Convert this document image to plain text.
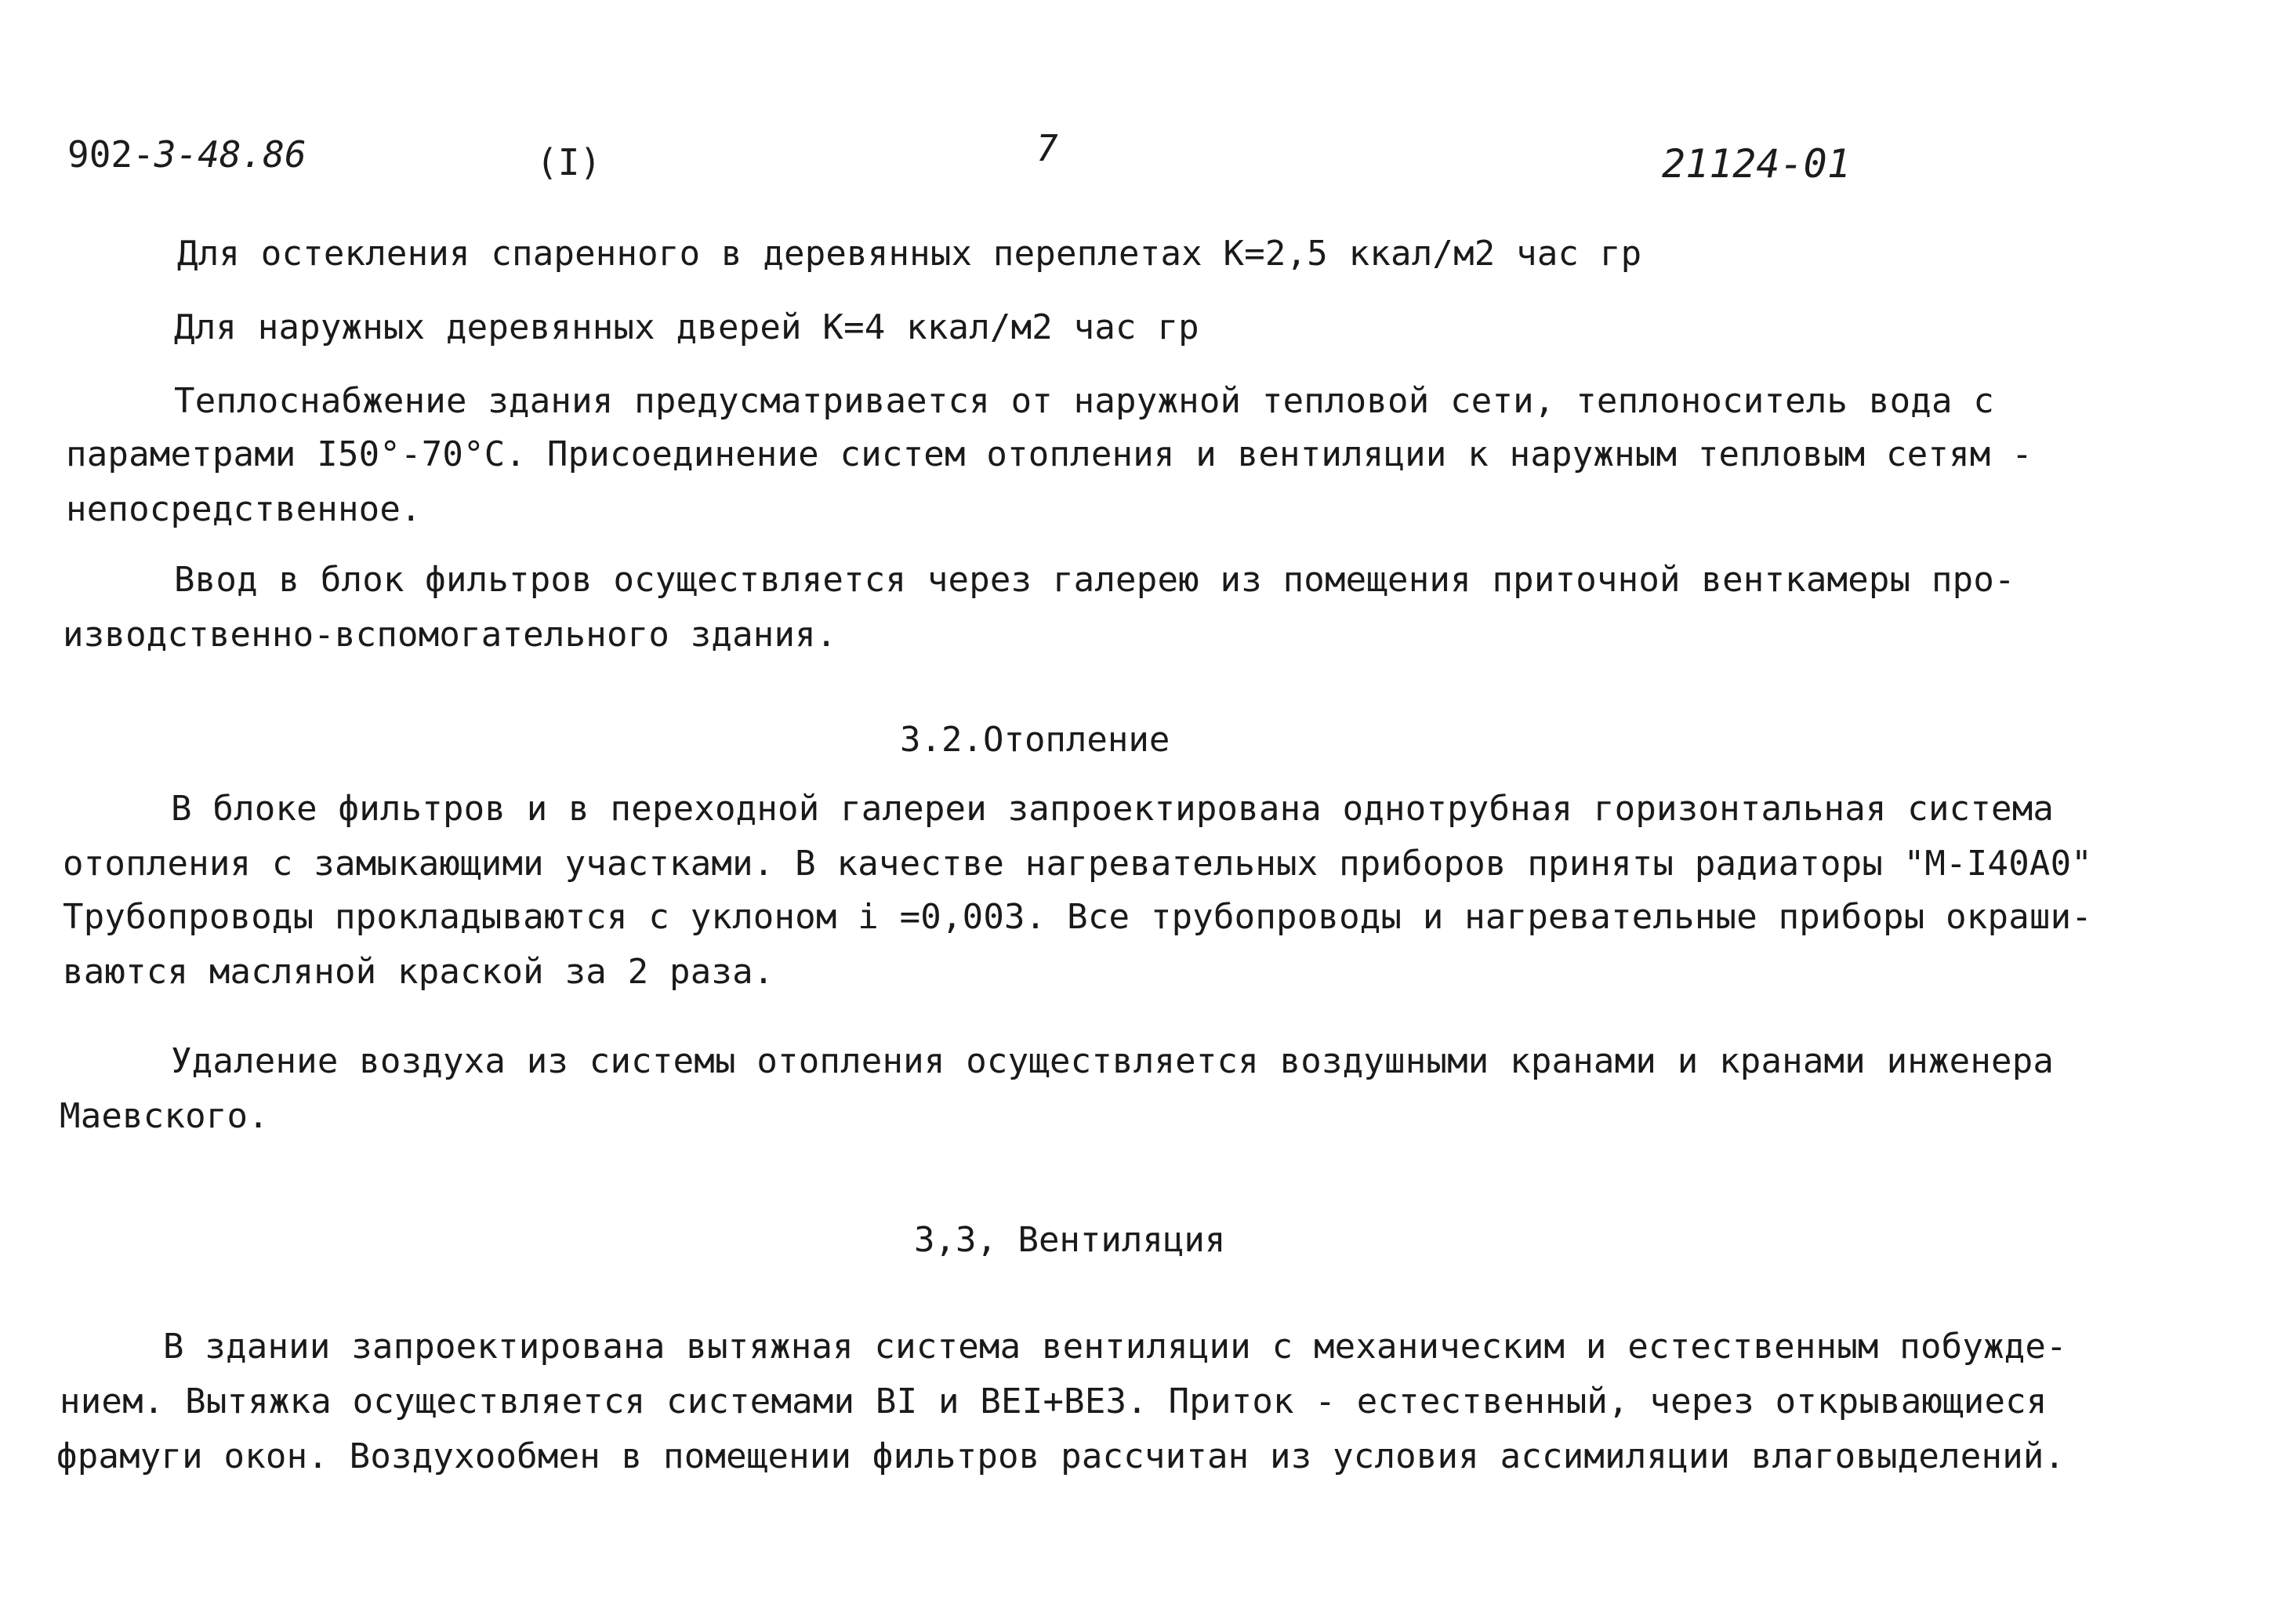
902-3-48.86	(I)	7	21124-01
Для остекления спаренного в деревянных переплетах К=2,5 ккал/м2 час гр
Для наружных деревянных дверей К=4 ккал/м2 час гр
Теплоснабжение здания предусматривается от наружной тепловой сети, теплоноситель вода с
параметрами I50°-70°С. Присоединение систем отопления и вентиляции к наружным тепловым сетям -
непосредственное.
Ввод в блок фильтров осуществляется через галерею из помещения приточной венткамеры про-
изводственно-вспомогательного здания.
3.2.Отопление
В блоке фильтров и в переходной галереи запроектирована однотрубная горизонтальная система
отопления с замыкающими участками. В качестве нагревательных приборов приняты радиаторы "М-I40А0"
Трубопроводы прокладываются с уклоном i =0,003. Все трубопроводы и нагревательные приборы окраши-
ваются масляной краской за 2 раза.
Удаление воздуха из системы отопления осуществляется воздушными кранами и кранами инженера
Маевского.
3,3, Вентиляция
В здании запроектирована вытяжная система вентиляции с механическим и естественным побужде-
нием. Вытяжка осуществляется системами ВI и ВЕI+ВЕЗ. Приток - естественный, через открывающиеся
фрамуги окон. Воздухообмен в помещении фильтров рассчитан из условия ассимиляции влаговыделений.
